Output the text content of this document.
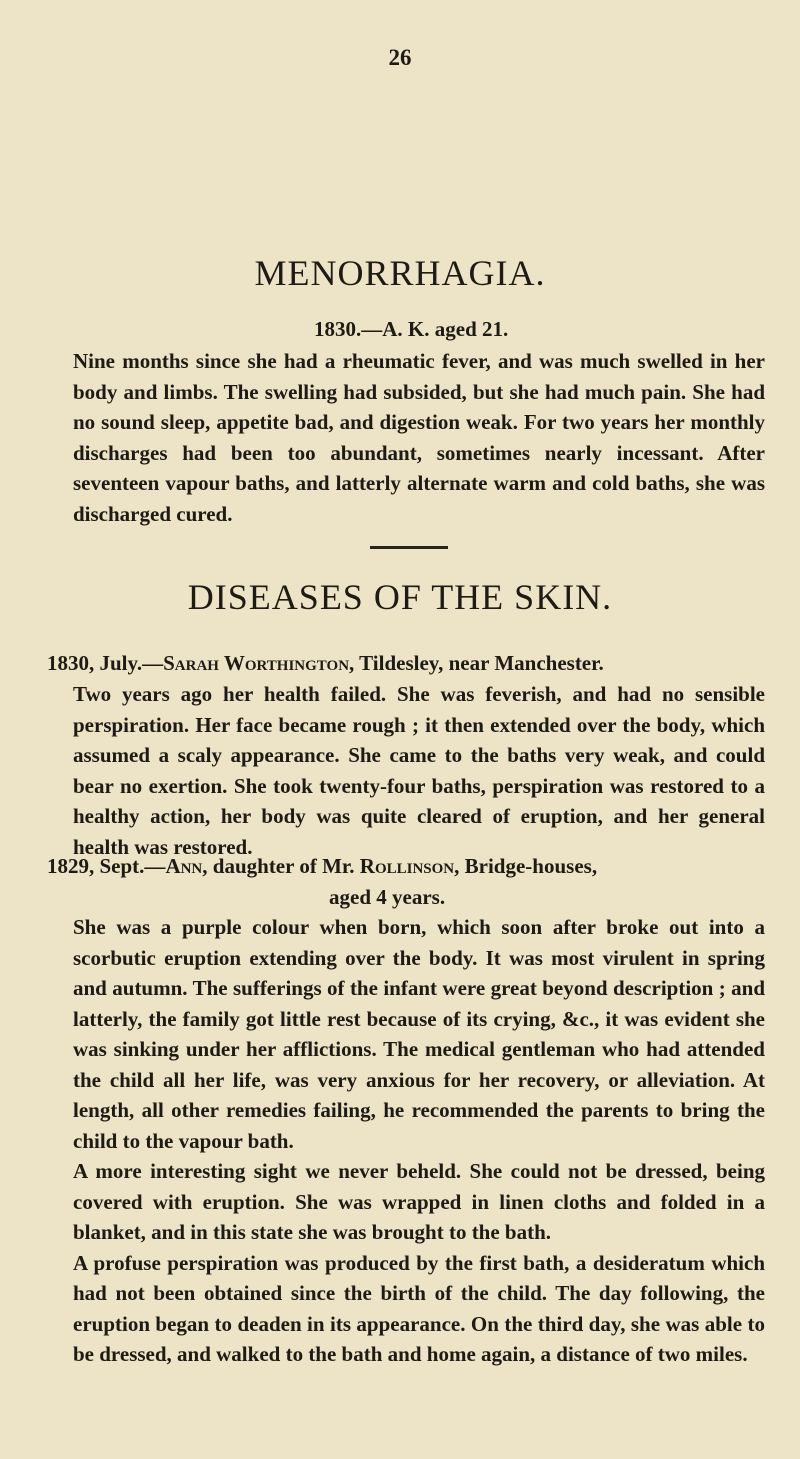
26
MENORRHAGIA.
1830.—A. K. aged 21.
Nine months since she had a rheumatic fever, and was much swelled in her body and limbs. The swelling had subsided, but she had much pain. She had no sound sleep, appetite bad, and digestion weak. For two years her monthly discharges had been too abundant, sometimes nearly incessant. After seventeen vapour baths, and latterly alternate warm and cold baths, she was discharged cured.
DISEASES OF THE SKIN.
1830, July.—Sarah Worthington, Tildesley, near Manchester.
Two years ago her health failed. She was feverish, and had no sensible perspiration. Her face became rough ; it then extended over the body, which assumed a scaly appearance. She came to the baths very weak, and could bear no exertion. She took twenty-four baths, perspiration was restored to a healthy action, her body was quite cleared of eruption, and her general health was restored.
1829, Sept.—Ann, daughter of Mr. Rollinson, Bridge-houses,
aged 4 years.
She was a purple colour when born, which soon after broke out into a scorbutic eruption extending over the body. It was most virulent in spring and autumn. The sufferings of the infant were great beyond description ; and latterly, the family got little rest because of its crying, &c., it was evident she was sinking under her afflictions. The medical gentleman who had attended the child all her life, was very anxious for her recovery, or alleviation. At length, all other remedies failing, he recommended the parents to bring the child to the vapour bath.
A more interesting sight we never beheld. She could not be dressed, being covered with eruption. She was wrapped in linen cloths and folded in a blanket, and in this state she was brought to the bath.
A profuse perspiration was produced by the first bath, a desideratum which had not been obtained since the birth of the child. The day following, the eruption began to deaden in its appearance. On the third day, she was able to be dressed, and walked to the bath and home again, a distance of two miles.
